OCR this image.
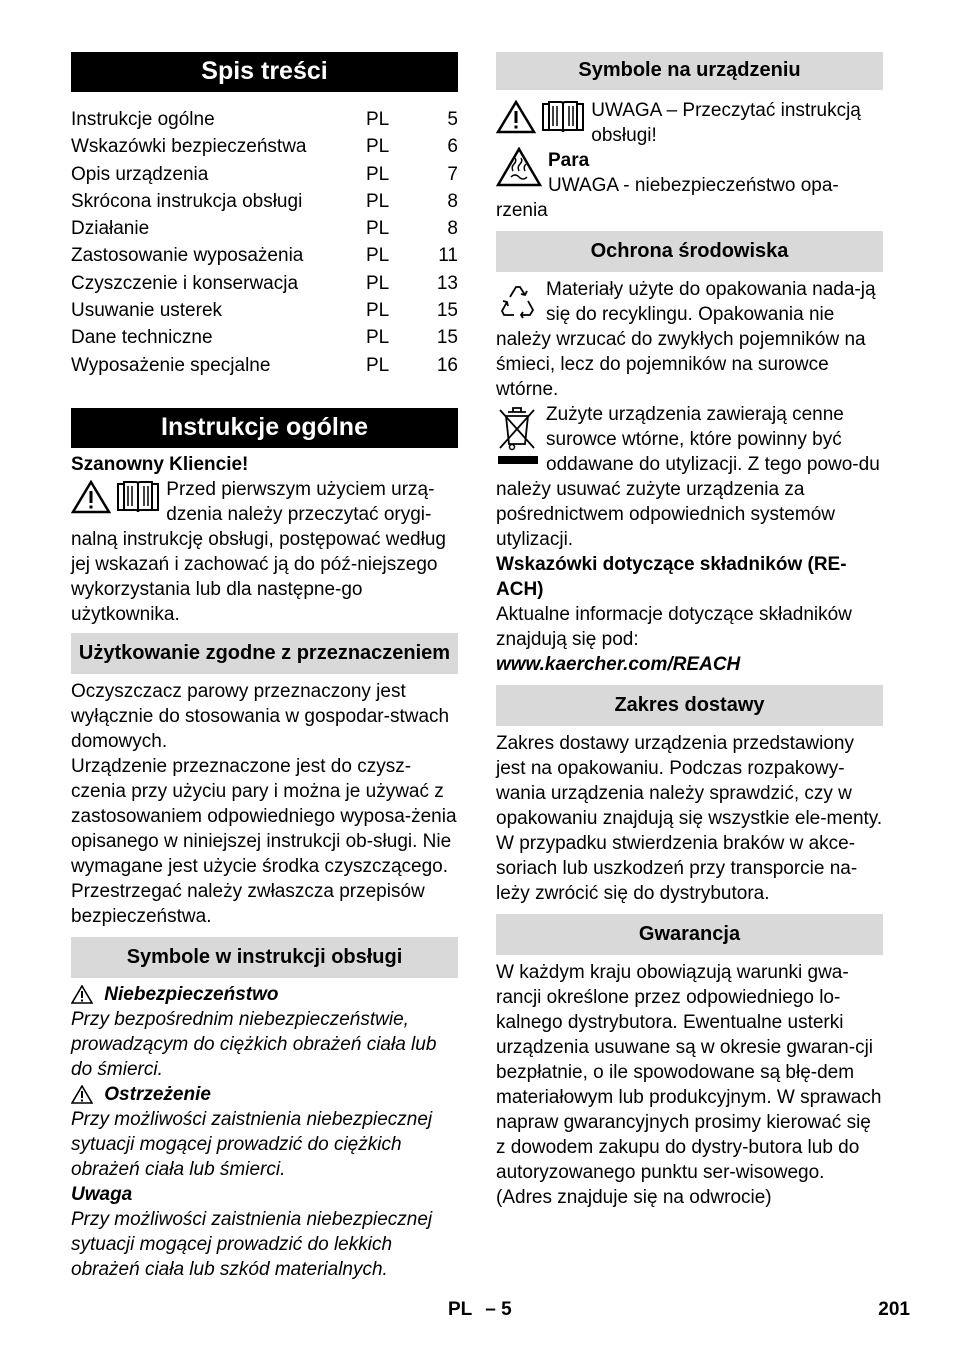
Spis treści
Instrukcje ogólne	PL	5
Wskazówki bezpieczeństwa	PL	6
Opis urządzenia	PL	7
Skrócona instrukcja obsługi	PL	8
Działanie	PL	8
Zastosowanie wyposażenia	PL	11
Czyszczenie i konserwacja	PL	13
Usuwanie usterek	PL	15
Dane techniczne	PL	15
Wyposażenie specjalne	PL	16
Instrukcje ogólne

Szanowny Kliencie!

Przed pierwszym użyciem urzą-dzenia należy przeczytać orygi-nalną instrukcję obsługi, postępować według jej wskazań i zachować ją do póź-niejszego wykorzystania lub dla następne-go użytkownika.
Użytkowanie zgodne z przeznaczeniem

Oczyszczacz parowy przeznaczony jest wyłącznie do stosowania w gospodar-stwach domowych.

Urządzenie przeznaczone jest do czysz-czenia przy użyciu pary i można je używać z zastosowaniem odpowiedniego wyposa-żenia opisanego w niniejszej instrukcji ob-sługi. Nie wymagane jest użycie środka czyszczącego. Przestrzegać należy zwłaszcza przepisów bezpieczeństwa.

Symbole w instrukcji obsługi
Niebezpieczeństwo

Przy bezpośrednim niebezpieczeństwie, prowadzącym do ciężkich obrażeń ciała lub do śmierci.

Ostrzeżenie

Przy możliwości zaistnienia niebezpiecznej sytuacji mogącej prowadzić do ciężkich obrażeń ciała lub śmierci.

Uwaga

Przy możliwości zaistnienia niebezpiecznej sytuacji mogącej prowadzić do lekkich obrażeń ciała lub szkód materialnych.

Symbole na urządzeniu

UWAGA – Przeczytać instrukcją obsługi!
Para
UWAGA - niebezpieczeństwo opa-rzenia
Ochrona środowiska
Materiały użyte do opakowania nada-ją się do recyklingu. Opakowania nie należy wrzucać do zwykłych pojemników na śmieci, lecz do pojemników na surowce wtórne.
Zużyte urządzenia zawierają cenne surowce wtórne, które powinny być oddawane do utylizacji. Z tego powo-du należy usuwać zużyte urządzenia za pośrednictwem odpowiednich systemów utylizacji.

Wskazówki dotyczące składników (RE-ACH)

Aktualne informacje dotyczące składników znajdują się pod:

www.kaercher.com/REACH

Zakres dostawy

Zakres dostawy urządzenia przedstawiony jest na opakowaniu. Podczas rozpakowy-wania urządzenia należy sprawdzić, czy w opakowaniu znajdują się wszystkie ele-menty.

W przypadku stwierdzenia braków w akce-soriach lub uszkodzeń przy transporcie na-leży zwrócić się do dystrybutora.

Gwarancja

W każdym kraju obowiązują warunki gwa-rancji określone przez odpowiedniego lo-kalnego dystrybutora. Ewentualne usterki urządzenia usuwane są w okresie gwaran-cji bezpłatnie, o ile spowodowane są błę-dem materiałowym lub produkcyjnym. W sprawach napraw gwarancyjnych prosimy kierować się z dowodem zakupu do dystry-butora lub do autoryzowanego punktu ser-wisowego.

(Adres znajduje się na odwrocie)

PL – 5	201
